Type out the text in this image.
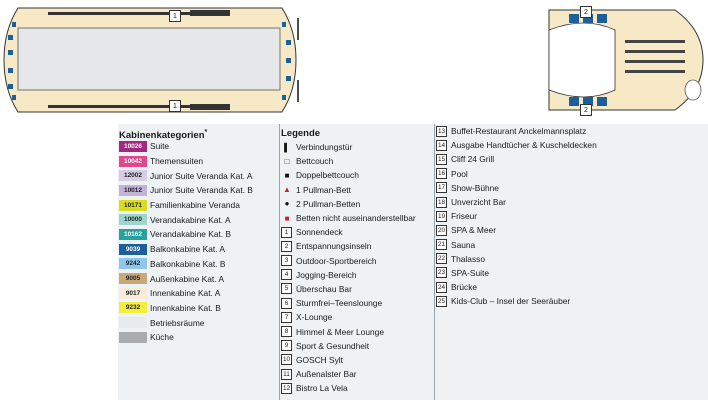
1
1
2
2
Kabinenkategorien*
10026 Suite
10042 Themensuiten
12002 Junior Suite Veranda Kat. A
10012 Junior Suite Veranda Kat. B
10171 Familienkabine Veranda
10000 Verandakabine Kat. A
10162 Verandakabine Kat. B
9039	Balkonkabine Kat. A
9242	Balkonkabine Kat. B
9005	Außenkabine Kat. A
9017	Innenkabine Kat. A
9232	Innenkabine Kat. B
Betriebsräume
Küche
Legende
▌ Verbindungstür
□ Bettcouch
■ Doppelbettcouch
▲ 1 Pullman-Bett
● 2 Pullman-Betten
■ Betten nicht auseinanderstellbar
1 Sonnendeck
2 Entspannungsinseln
3 Outdoor-Sportbereich
4 Jogging-Bereich
5 Überschau Bar
6 Sturmfrei–Teenslounge
7 X-Lounge
8 Himmel & Meer Lounge
9 Sport & Gesundheit
10 GOSCH Sylt
11 Außenalster Bar
12 Bistro La Vela
13 Buffet-Restaurant Anckelmannsplatz
14 Ausgabe Handtücher & Kuscheldecken
15 Cliff 24 Grill
16 Pool
17 Show-Bühne
18 Unverzicht Bar
19 Friseur
20 SPA & Meer
21 Sauna
22 Thalasso
23 SPA-Suite
24 Brücke
25 Kids-Club – Insel der Seeräuber
